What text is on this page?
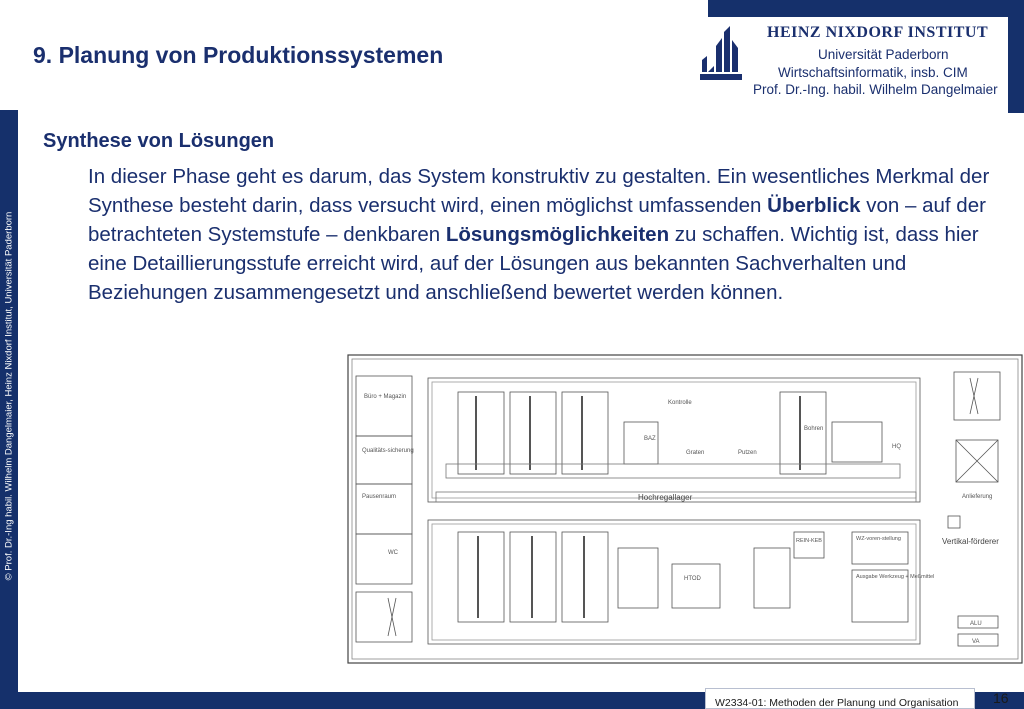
© Prof. Dr.-Ing habil. Wilhelm Dangelmaier, Heinz Nixdorf Institut, Universität Paderborn
9. Planung von Produktionssystemen
HEINZ NIXDORF INSTITUT
Universität Paderborn
Wirtschaftsinformatik, insb. CIM
Prof. Dr.-Ing. habil. Wilhelm Dangelmaier
Synthese von Lösungen
In dieser Phase geht es darum, das System konstruktiv zu gestalten. Ein wesentliches Merkmal der Synthese besteht darin, dass versucht wird, einen möglichst umfassenden Überblick von – auf der betrachteten Systemstufe – denkbaren Lösungsmöglichkeiten zu schaffen. Wichtig ist, dass hier eine Detaillierungsstufe erreicht wird, auf der Lösungen aus bekannten Sachverhalten und Beziehungen zusammengesetzt und anschließend bewertet werden können.
Büro + Magazin
Qualitäts-sicherung
Pausenraum
WC
Kontrolle
Graten	Putzen
BAZ
Bohren
HQ
Hochregallager
HTOD
REIN-KEB	WZ-voren-stellung
Ausgabe Werkzeug + Meßmittel
Anlieferung
Vertikal-förderer
ALU
VA
W2334-01: Methoden der Planung und Organisation 16
